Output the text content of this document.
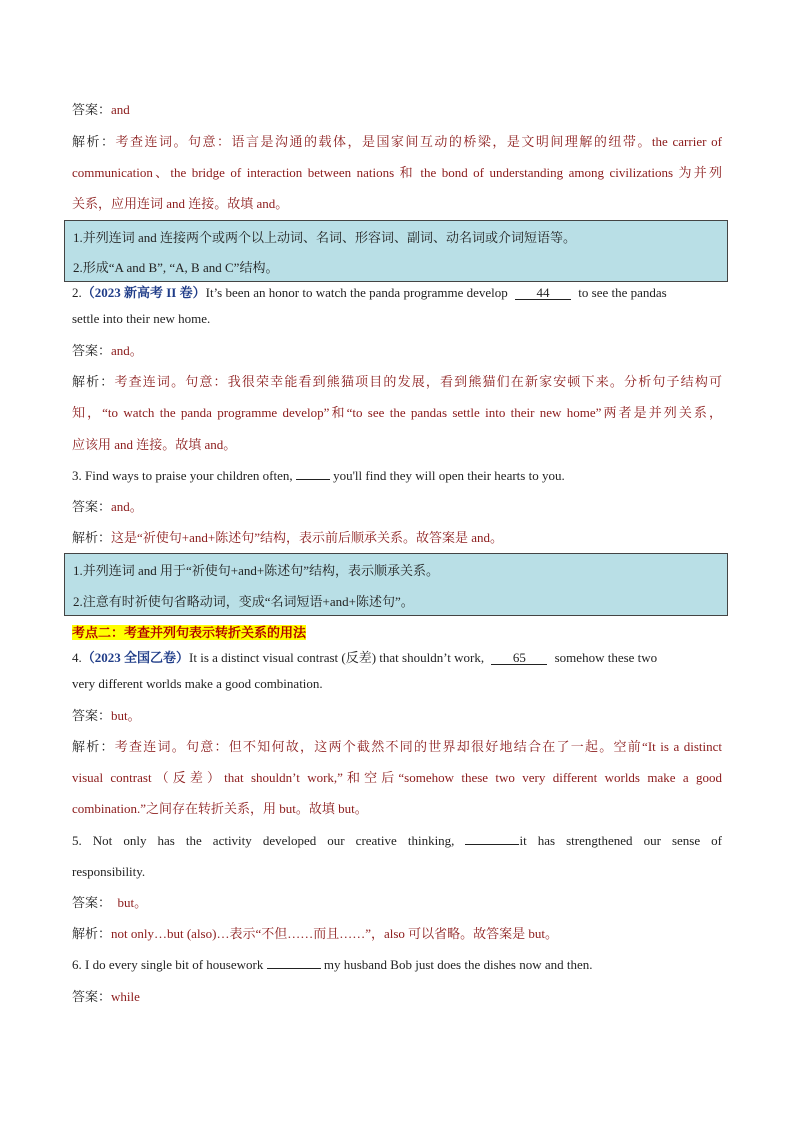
答案：and
解析：考查连词。句意：语言是沟通的载体，是国家间互动的桥梁，是文明间理解的纽带。the carrier of
communication、the bridge of interaction between nations 和 the bond of understanding among civilizations 为并列
关系，应用连词 and 连接。故填 and。
1.并列连词 and 连接两个或两个以上动词、名词、形容词、副词、动名词或介词短语等。
2.形成“A and B”, “A, B and C”结构。
2.（2023 新高考 II 卷）It’s been an honor to watch the panda programme develop 44 to see the pandas
settle into their new home.
答案：and。
解析：考查连词。句意：我很荣幸能看到熊猫项目的发展，看到熊猫们在新家安顿下来。分析句子结构可
知，“to watch the panda programme develop”和“to see the pandas settle into their new home”两者是并列关系，
应该用 and 连接。故填 and。
3. Find ways to praise your children often,	you'll find they will open their hearts to you.
答案：and。
解析：这是“祈使句+and+陈述句”结构，表示前后顺承关系。故答案是 and。
1.并列连词 and 用于“祈使句+and+陈述句”结构，表示顺承关系。
2.注意有时祈使句省略动词，变成“名词短语+and+陈述句”。
考点二：考查并列句表示转折关系的用法
4.（2023 全国乙卷）It is a distinct visual contrast (反差) that shouldn’t work, 65 somehow these two
very different worlds make a good combination.
答案：but。
解析：考查连词。句意：但不知何故，这两个截然不同的世界却很好地结合在了一起。空前“It is a distinct
visual contrast（反差）that shouldn’t work,”和空后“somehow these two very different worlds make a good
combination.”之间存在转折关系，用 but。故填 but。
5. Not only has the activity developed our creative thinking,	it has strengthened our sense of
responsibility.
答案： but。
解析：not only…but (also)…表示“不但……而且……”，also 可以省略。故答案是 but。
6. I do every single bit of housework	my husband Bob just does the dishes now and then.
答案：while
